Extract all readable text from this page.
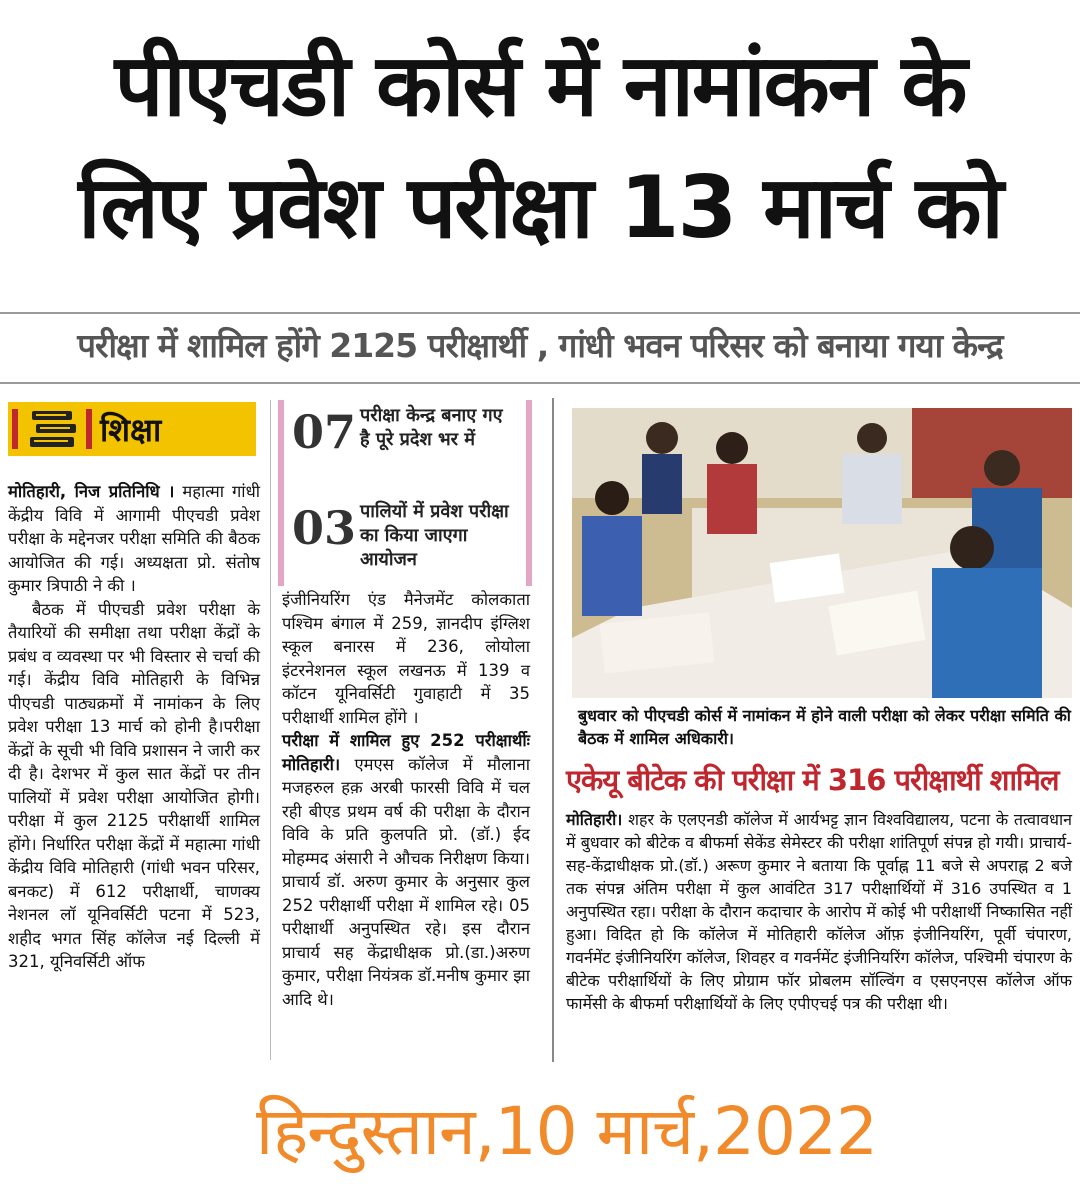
पीएचडी कोर्स में नामांकन के
लिए प्रवेश परीक्षा 13 मार्च को
परीक्षा में शामिल होंगे 2125 परीक्षार्थी , गांधी भवन परिसर को बनाया गया केन्द्र
शिक्षा

मोतिहारी, निज प्रतिनिधि । महात्मा गांधी केंद्रीय विवि में आगामी पीएचडी प्रवेश परीक्षा के मद्देनजर परीक्षा समिति की बैठक आयोजित की गई। अध्यक्षता प्रो. संतोष कुमार त्रिपाठी ने की ।

बैठक में पीएचडी प्रवेश परीक्षा के तैयारियों की समीक्षा तथा परीक्षा केंद्रों के प्रबंध व व्यवस्था पर भी विस्तार से चर्चा की गई। केंद्रीय विवि मोतिहारी के विभिन्न पीएचडी पाठ्यक्रमों में नामांकन के लिए प्रवेश परीक्षा 13 मार्च को होनी है।परीक्षा केंद्रों के सूची भी विवि प्रशासन ने जारी कर दी है। देशभर में कुल सात केंद्रों पर तीन पालियों में प्रवेश परीक्षा आयोजित होगी। परीक्षा में कुल 2125 परीक्षार्थी शामिल होंगे। निर्धारित परीक्षा केंद्रों में महात्मा गांधी केंद्रीय विवि मोतिहारी (गांधी भवन परिसर, बनकट) में 612 परीक्षार्थी, चाणक्य नेशनल लॉ यूनिवर्सिटी पटना में 523, शहीद भगत सिंह कॉलेज नई दिल्ली में 321, यूनिवर्सिटी ऑफ

07 परीक्षा केन्द्र बनाए गए है पूरे प्रदेश भर में
03 पालियों में प्रवेश परीक्षा का किया जाएगा आयोजन

इंजीनियरिंग एंड मैनेजमेंट कोलकाता पश्चिम बंगाल में 259, ज्ञानदीप इंग्लिश स्कूल बनारस में 236, लोयोला इंटरनेशनल स्कूल लखनऊ में 139 व कॉटन यूनिवर्सिटी गुवाहाटी में 35 परीक्षार्थी शामिल होंगे ।

परीक्षा में शामिल हुए 252 परीक्षार्थीः मोतिहारी। एमएस कॉलेज में मौलाना मजहरुल हक़ अरबी फारसी विवि में चल रही बीएड प्रथम वर्ष की परीक्षा के दौरान विवि के प्रति कुलपति प्रो. (डॉ.) ईद मोहम्मद अंसारी ने औचक निरीक्षण किया।प्राचार्य डॉ. अरुण कुमार के अनुसार कुल 252 परीक्षार्थी परीक्षा में शामिल रहे। 05 परीक्षार्थी अनुपस्थित रहे। इस दौरान प्राचार्य सह केंद्राधीक्षक प्रो.(डा.)अरुण कुमार, परीक्षा नियंत्रक डॉ.मनीष कुमार झा आदि थे।

बुधवार को पीएचडी कोर्स में नामांकन में होने वाली परीक्षा को लेकर परीक्षा समिति की बैठक में शामिल अधिकारी।
एकेयू बीटेक की परीक्षा में 316 परीक्षार्थी शामिल

मोतिहारी। शहर के एलएनडी कॉलेज में आर्यभट्ट ज्ञान विश्वविद्यालय, पटना के तत्वावधान में बुधवार को बीटेक व बीफर्मा सेकेंड सेमेस्टर की परीक्षा शांतिपूर्ण संपन्न हो गयी। प्राचार्य-सह-केंद्राधीक्षक प्रो.(डॉ.) अरूण कुमार ने बताया कि पूर्वाह्न 11 बजे से अपराह्न 2 बजे तक संपन्न अंतिम परीक्षा में कुल आवंटित 317 परीक्षार्थियों में 316 उपस्थित व 1 अनुपस्थित रहा। परीक्षा के दौरान कदाचार के आरोप में कोई भी परीक्षार्थी निष्कासित नहीं हुआ। विदित हो कि कॉलेज में मोतिहारी कॉलेज ऑफ़ इंजीनियरिंग, पूर्वी चंपारण, गवर्नमेंट इंजीनियरिंग कॉलेज, शिवहर व गवर्नमेंट इंजीनियरिंग कॉलेज, पश्चिमी चंपारण के बीटेक परीक्षार्थियों के लिए प्रोग्राम फॉर प्रोबलम सॉल्विंग व एसएनएस कॉलेज ऑफ फार्मेसी के बीफर्मा परीक्षार्थियों के लिए एपीएचई पत्र की परीक्षा थी।

हिन्दुस्तान,10 मार्च,2022
